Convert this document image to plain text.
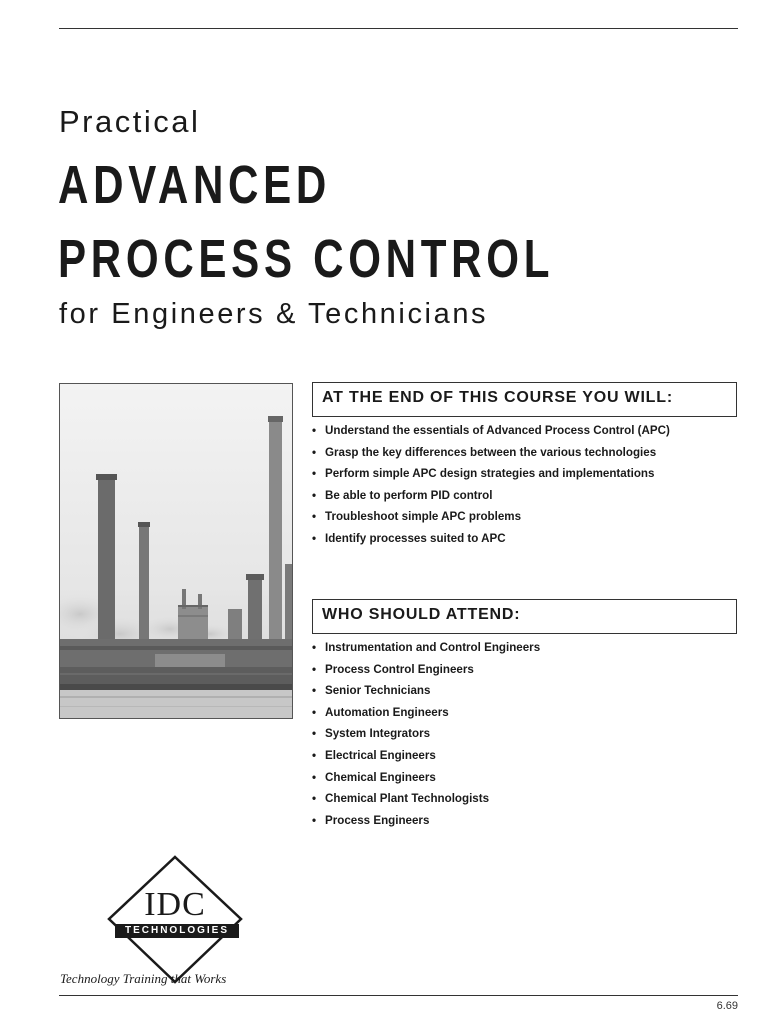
Practical
ADVANCED
PROCESS CONTROL
for Engineers & Technicians
AT THE END OF THIS COURSE YOU WILL:
• Understand the essentials of Advanced Process Control (APC)
• Grasp the key differences between the various technologies
• Perform simple APC design strategies and implementations
• Be able to perform PID control
• Troubleshoot simple APC problems
• Identify processes suited to APC
WHO SHOULD ATTEND:
• Instrumentation and Control Engineers
• Process Control Engineers
• Senior Technicians
• Automation Engineers
• System Integrators
• Electrical Engineers
• Chemical Engineers
• Chemical Plant Technologists
• Process Engineers
IDC
TECHNOLOGIES
Technology Training that Works
6.69
